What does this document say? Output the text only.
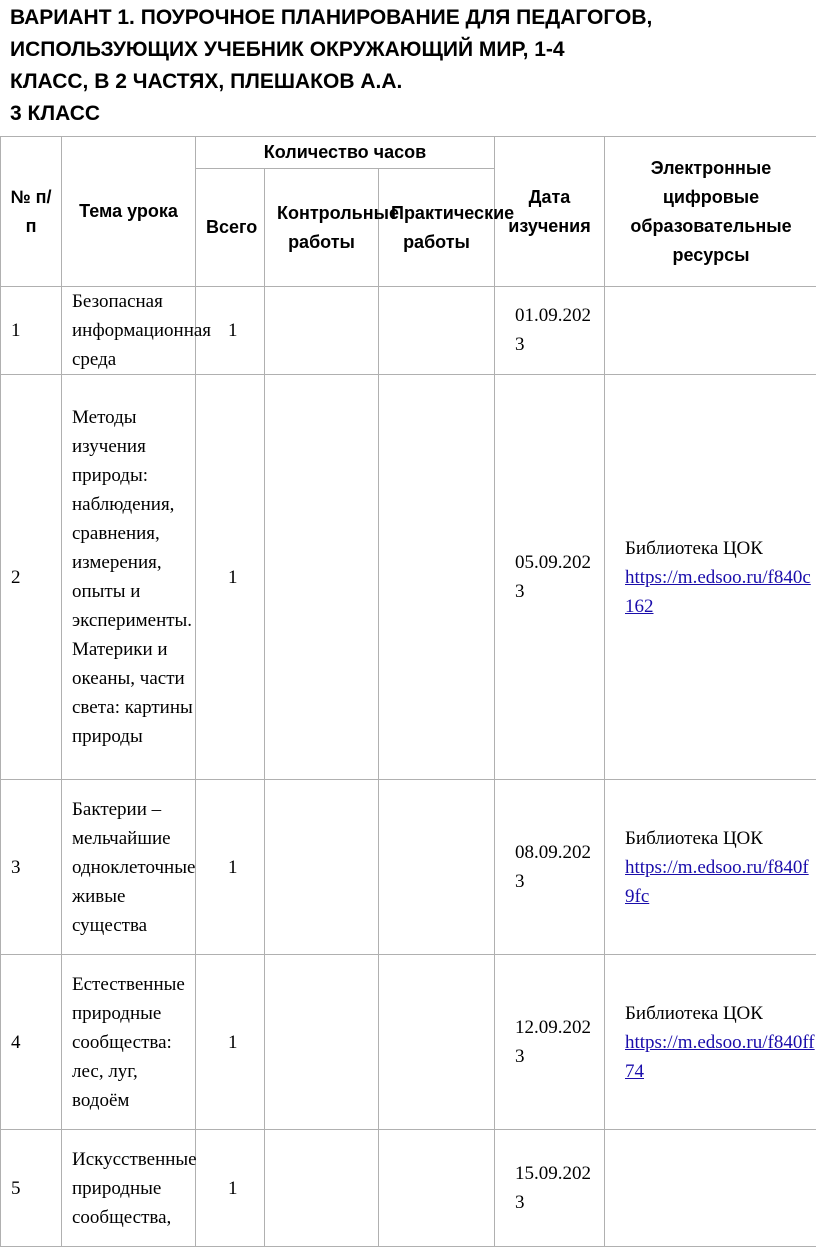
ВАРИАНТ 1. ПОУРОЧНОЕ ПЛАНИРОВАНИЕ ДЛЯ ПЕДАГОГОВ,
ИСПОЛЬЗУЮЩИХ УЧЕБНИК ОКРУЖАЮЩИЙ МИР, 1-4
КЛАСС, В 2 ЧАСТЯХ, ПЛЕШАКОВ А.А.
3 КЛАСС
№ п/п	Тема урока	Количество часов			Дата изучения	Электронные цифровые образовательные ресурсы
		Всего	Контрольные работы	Практические работы		
1	Безопасная информационная среда	1			01.09.2023	

2	Методы изучения природы: наблюдения, сравнения, измерения, опыты и эксперименты. Материки и океаны, части света: картины природы	1			05.09.2023	Библиотека ЦОК
https://m.edsoo.ru/f840c162
3	Бактерии – мельчайшие одноклеточные живые существа	1			08.09.2023	Библиотека ЦОК
https://m.edsoo.ru/f840f9fc
4	Естественные природные сообщества: лес, луг, водоём	1			12.09.2023	Библиотека ЦОК
https://m.edsoo.ru/f840ff74
5	Искусственные природные сообщества,	1			15.09.2023	
